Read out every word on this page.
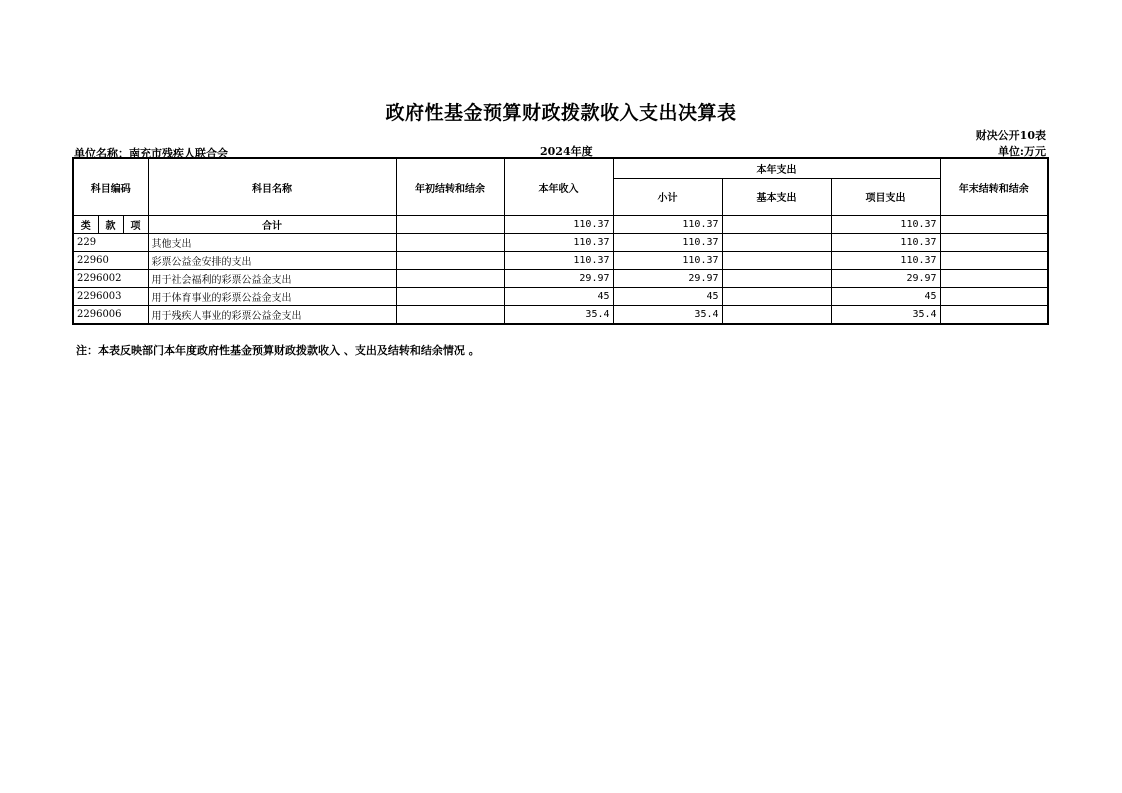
政府性基金预算财政拨款收入支出决算表
财决公开10表
单位名称：南充市残疾人联合会	2024年度	单位:万元
科目编码			科目名称	年初结转和结余	本年收入	本年支出			年末结转和结余
						小计	基本支出	项目支出	
类	款	项	合计		110.37	110.37		110.37	
229			其他支出		110.37	110.37		110.37	
22960			彩票公益金安排的支出		110.37	110.37		110.37	
2296002			用于社会福利的彩票公益金支出		29.97	29.97		29.97	
2296003			用于体育事业的彩票公益金支出		45	45		45	
2296006			用于残疾人事业的彩票公益金支出		35.4	35.4		35.4	
注：本表反映部门本年度政府性基金预算财政拨款收入 、支出及结转和结余情况 。
